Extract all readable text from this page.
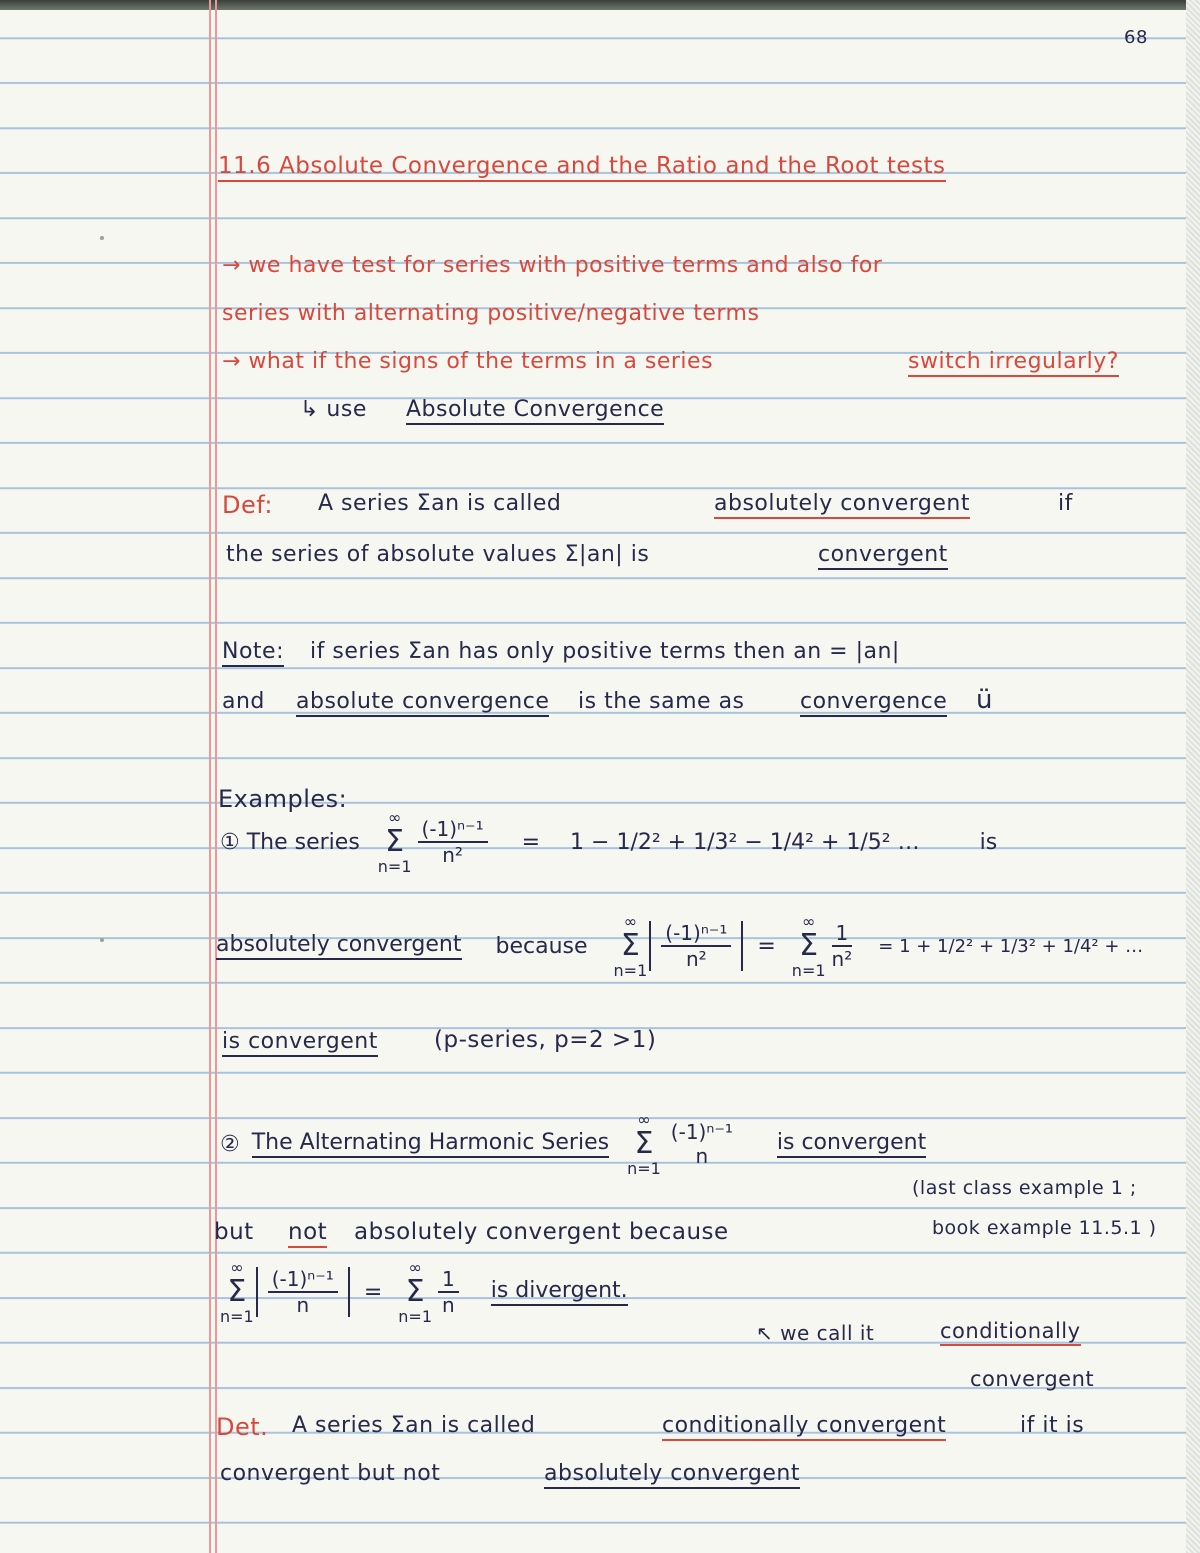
68
11.6 Absolute Convergence and the Ratio and the Root tests
→ we have test for series with positive terms and also for
series with alternating positive/negative terms
→ what if the signs of the terms in a series	switch irregularly?
↳ use Absolute Convergence
Def: A series Σan is called	absolutely convergent	if
the series of absolute values Σ|an| is	convergent
Note: if series Σan has only positive terms then an = |an|
and absolute convergence is the same as	convergence ü
Examples:
① The series
∞
Σ
$n=1 \frac{\text{(-1)ⁿ⁻¹}}{\text{n²}} = 1 - 1/2^2 + 1/3^2 - 1/4^2 + 1/5^2$ …	is
absolutely convergent because
∞
Σ
$n=1 \frac{\text{(-1)ⁿ⁻¹}}{\text{n²}}$ =
∞
Σ
$n=1 \frac{1}{\text{n²}} = 1 + 1/2^2 + 1/3^2 + 1/4^2$ + …
is convergent (p-series, p=2 >1)
② The Alternating Harmonic Series
∞
Σ
n=1
(-1)ⁿ⁻¹
n
is convergent
(last class example 1 ;
book example 11.5.1 )
but not absolutely convergent because
∞
Σ
$n=1 \frac{\text{(-1)ⁿ⁻¹}}{n}$ =
∞
Σ
$n=1 \frac{1}{n}$ is divergent.
↖ we call it	conditionally
convergent
Det. A series Σan is called	conditionally convergent	if it is
convergent but not	absolutely convergent
